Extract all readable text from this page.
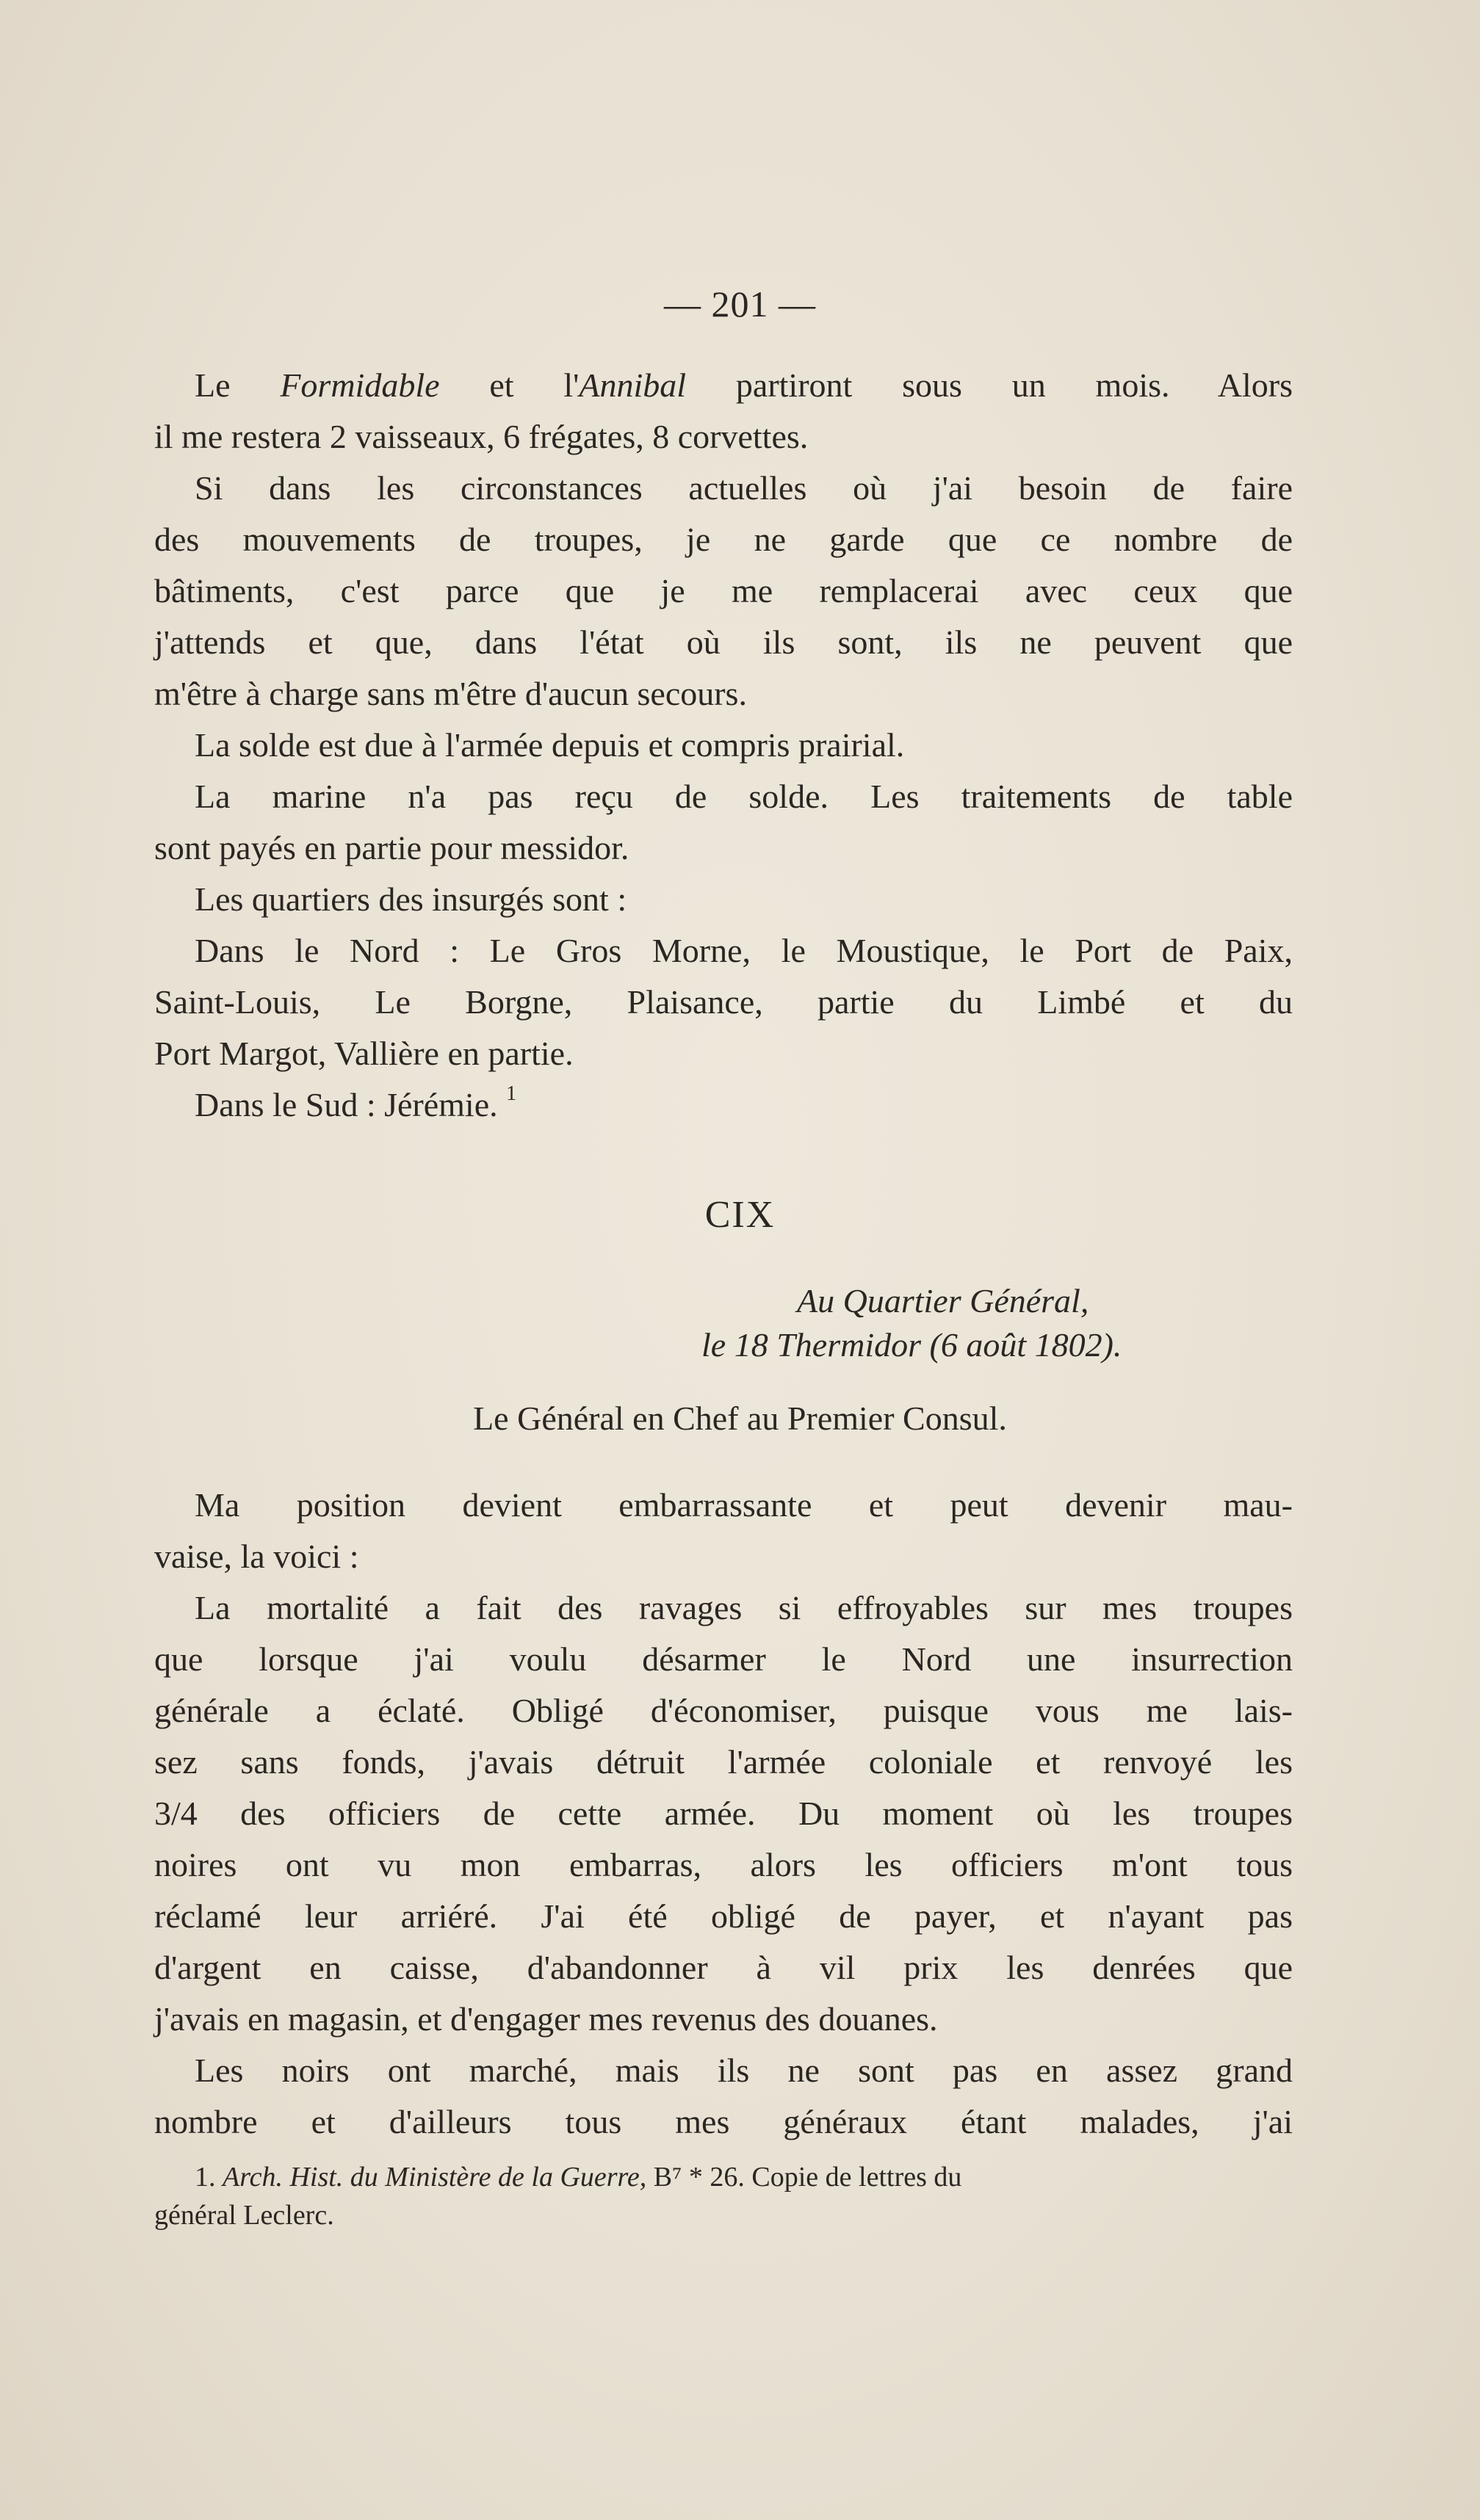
— 201 —
Le Formidable et l'Annibal partiront sous un mois. Alors
il me restera 2 vaisseaux, 6 frégates, 8 corvettes.
Si dans les circonstances actuelles où j'ai besoin de faire
des mouvements de troupes, je ne garde que ce nombre de
bâtiments, c'est parce que je me remplacerai avec ceux que
j'attends et que, dans l'état où ils sont, ils ne peuvent que
m'être à charge sans m'être d'aucun secours.
La solde est due à l'armée depuis et compris prairial.
La marine n'a pas reçu de solde. Les traitements de table
sont payés en partie pour messidor.
Les quartiers des insurgés sont :
Dans le Nord : Le Gros Morne, le Moustique, le Port de Paix,
Saint-Louis, Le Borgne, Plaisance, partie du Limbé et du
Port Margot, Vallière en partie.
Dans le Sud : Jérémie. $^1$
CIX
Au Quartier Général,
le 18 Thermidor (6 août 1802).
Le Général en Chef au Premier Consul.
Ma position devient embarrassante et peut devenir mau-
vaise, la voici :
La mortalité a fait des ravages si effroyables sur mes troupes
que lorsque j'ai voulu désarmer le Nord une insurrection
générale a éclaté. Obligé d'économiser, puisque vous me lais-
sez sans fonds, j'avais détruit l'armée coloniale et renvoyé les
3/4 des officiers de cette armée. Du moment où les troupes
noires ont vu mon embarras, alors les officiers m'ont tous
réclamé leur arriéré. J'ai été obligé de payer, et n'ayant pas
d'argent en caisse, d'abandonner à vil prix les denrées que
j'avais en magasin, et d'engager mes revenus des douanes.
Les noirs ont marché, mais ils ne sont pas en assez grand
nombre et d'ailleurs tous mes généraux étant malades, j'ai
1. Arch. Hist. du Ministère de la Guerre, B⁷ * 26. Copie de lettres du
général Leclerc.
